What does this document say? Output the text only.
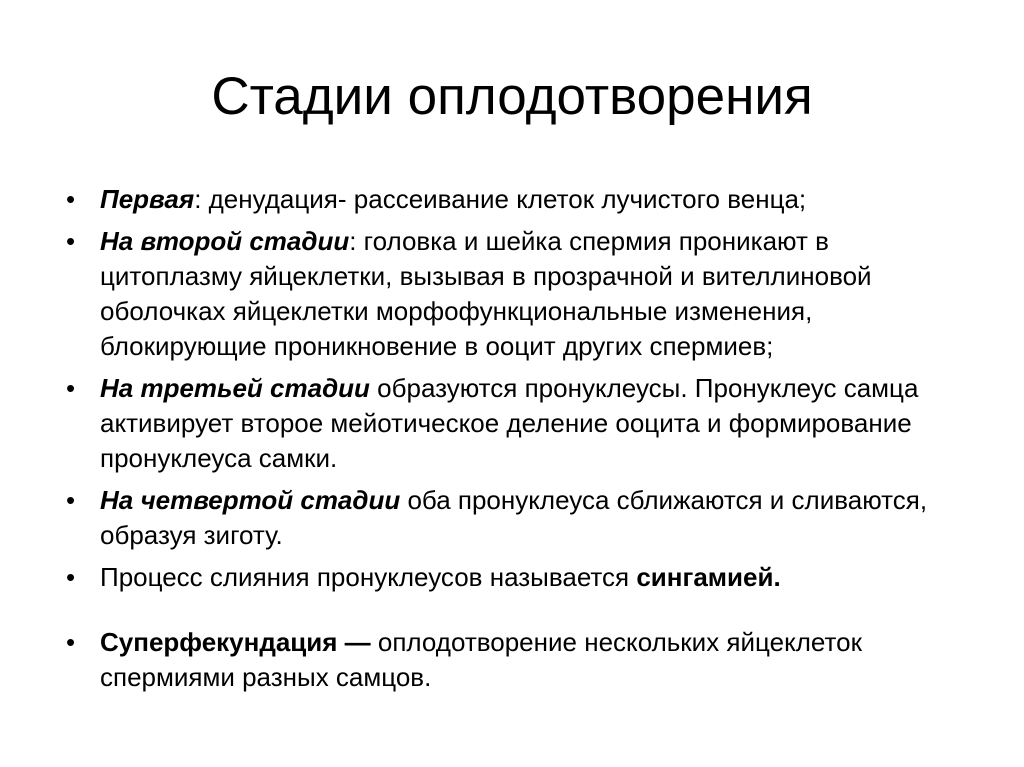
Стадии оплодотворения
• Первая: денудация- рассеивание клеток лучистого венца;
• На второй стадии: головка и шейка спермия проникают в цитоплазму яйцеклетки, вызывая в прозрачной и вителлиновой оболочках яйцеклетки морфофункциональные изменения, блокирующие проникновение в ооцит других спермиев;
• На третьей стадии образуются пронуклеусы. Пронуклеус самца активирует второе мейотическое деление ооцита и формирование пронуклеуса самки.
• На четвертой стадии оба пронуклеуса сближаются и сливаются, образуя зиготу.
• Процесс слияния пронуклеусов называется сингамией.
• Суперфекундация — оплодотворение нескольких яйцеклеток спермиями разных самцов.
